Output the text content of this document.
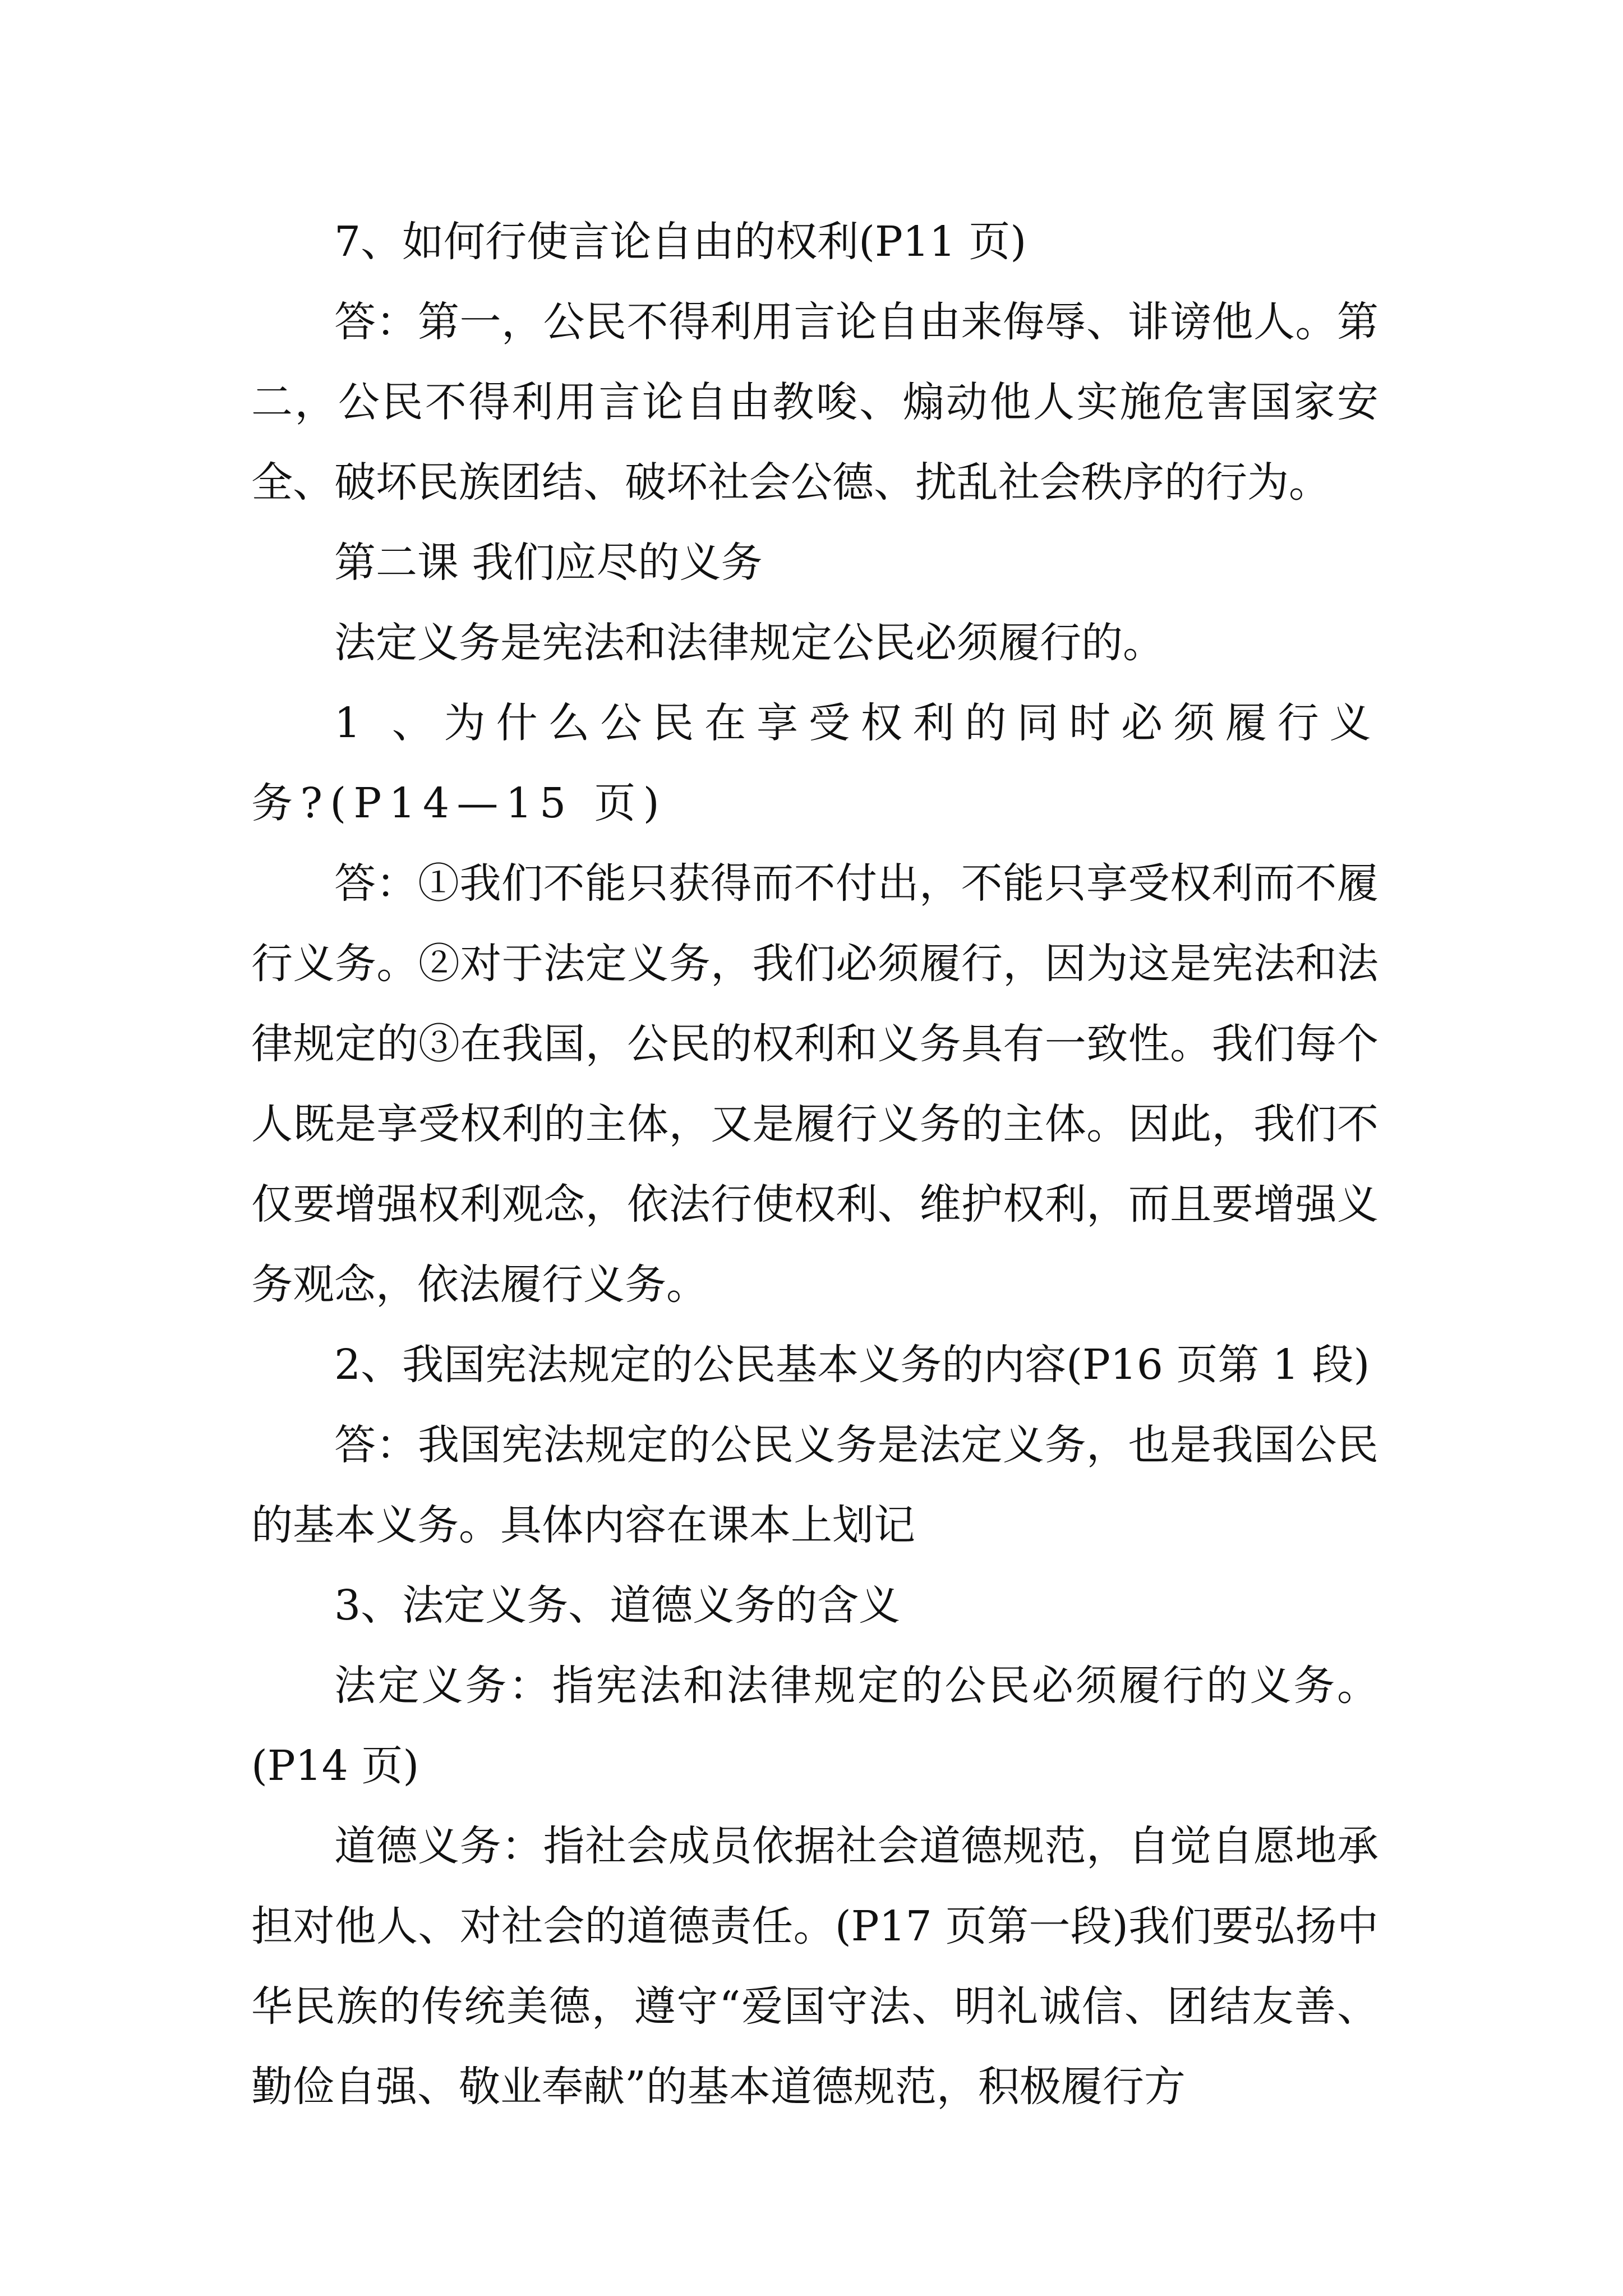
7、如何行使言论自由的权利(P11 页)

答：第一，公民不得利用言论自由来侮辱、诽谤他人。第二，公民不得利用言论自由教唆、煽动他人实施危害国家安全、破坏民族团结、破坏社会公德、扰乱社会秩序的行为。

第二课 我们应尽的义务

法定义务是宪法和法律规定公民必须履行的。

1 、为什么公民在享受权利的同时必须履行义务?(P14—15 页)

答：①我们不能只获得而不付出，不能只享受权利而不履行义务。②对于法定义务，我们必须履行，因为这是宪法和法律规定的③在我国，公民的权利和义务具有一致性。我们每个人既是享受权利的主体，又是履行义务的主体。因此，我们不仅要增强权利观念，依法行使权利、维护权利，而且要增强义务观念，依法履行义务。

2、我国宪法规定的公民基本义务的内容(P16 页第 1 段)

答：我国宪法规定的公民义务是法定义务，也是我国公民的基本义务。具体内容在课本上划记

3、法定义务、道德义务的含义

法定义务：指宪法和法律规定的公民必须履行的义务。(P14 页)

道德义务：指社会成员依据社会道德规范，自觉自愿地承担对他人、对社会的道德责任。(P17 页第一段)我们要弘扬中华民族的传统美德，遵守“爱国守法、明礼诚信、团结友善、勤俭自强、敬业奉献”的基本道德规范，积极履行方
